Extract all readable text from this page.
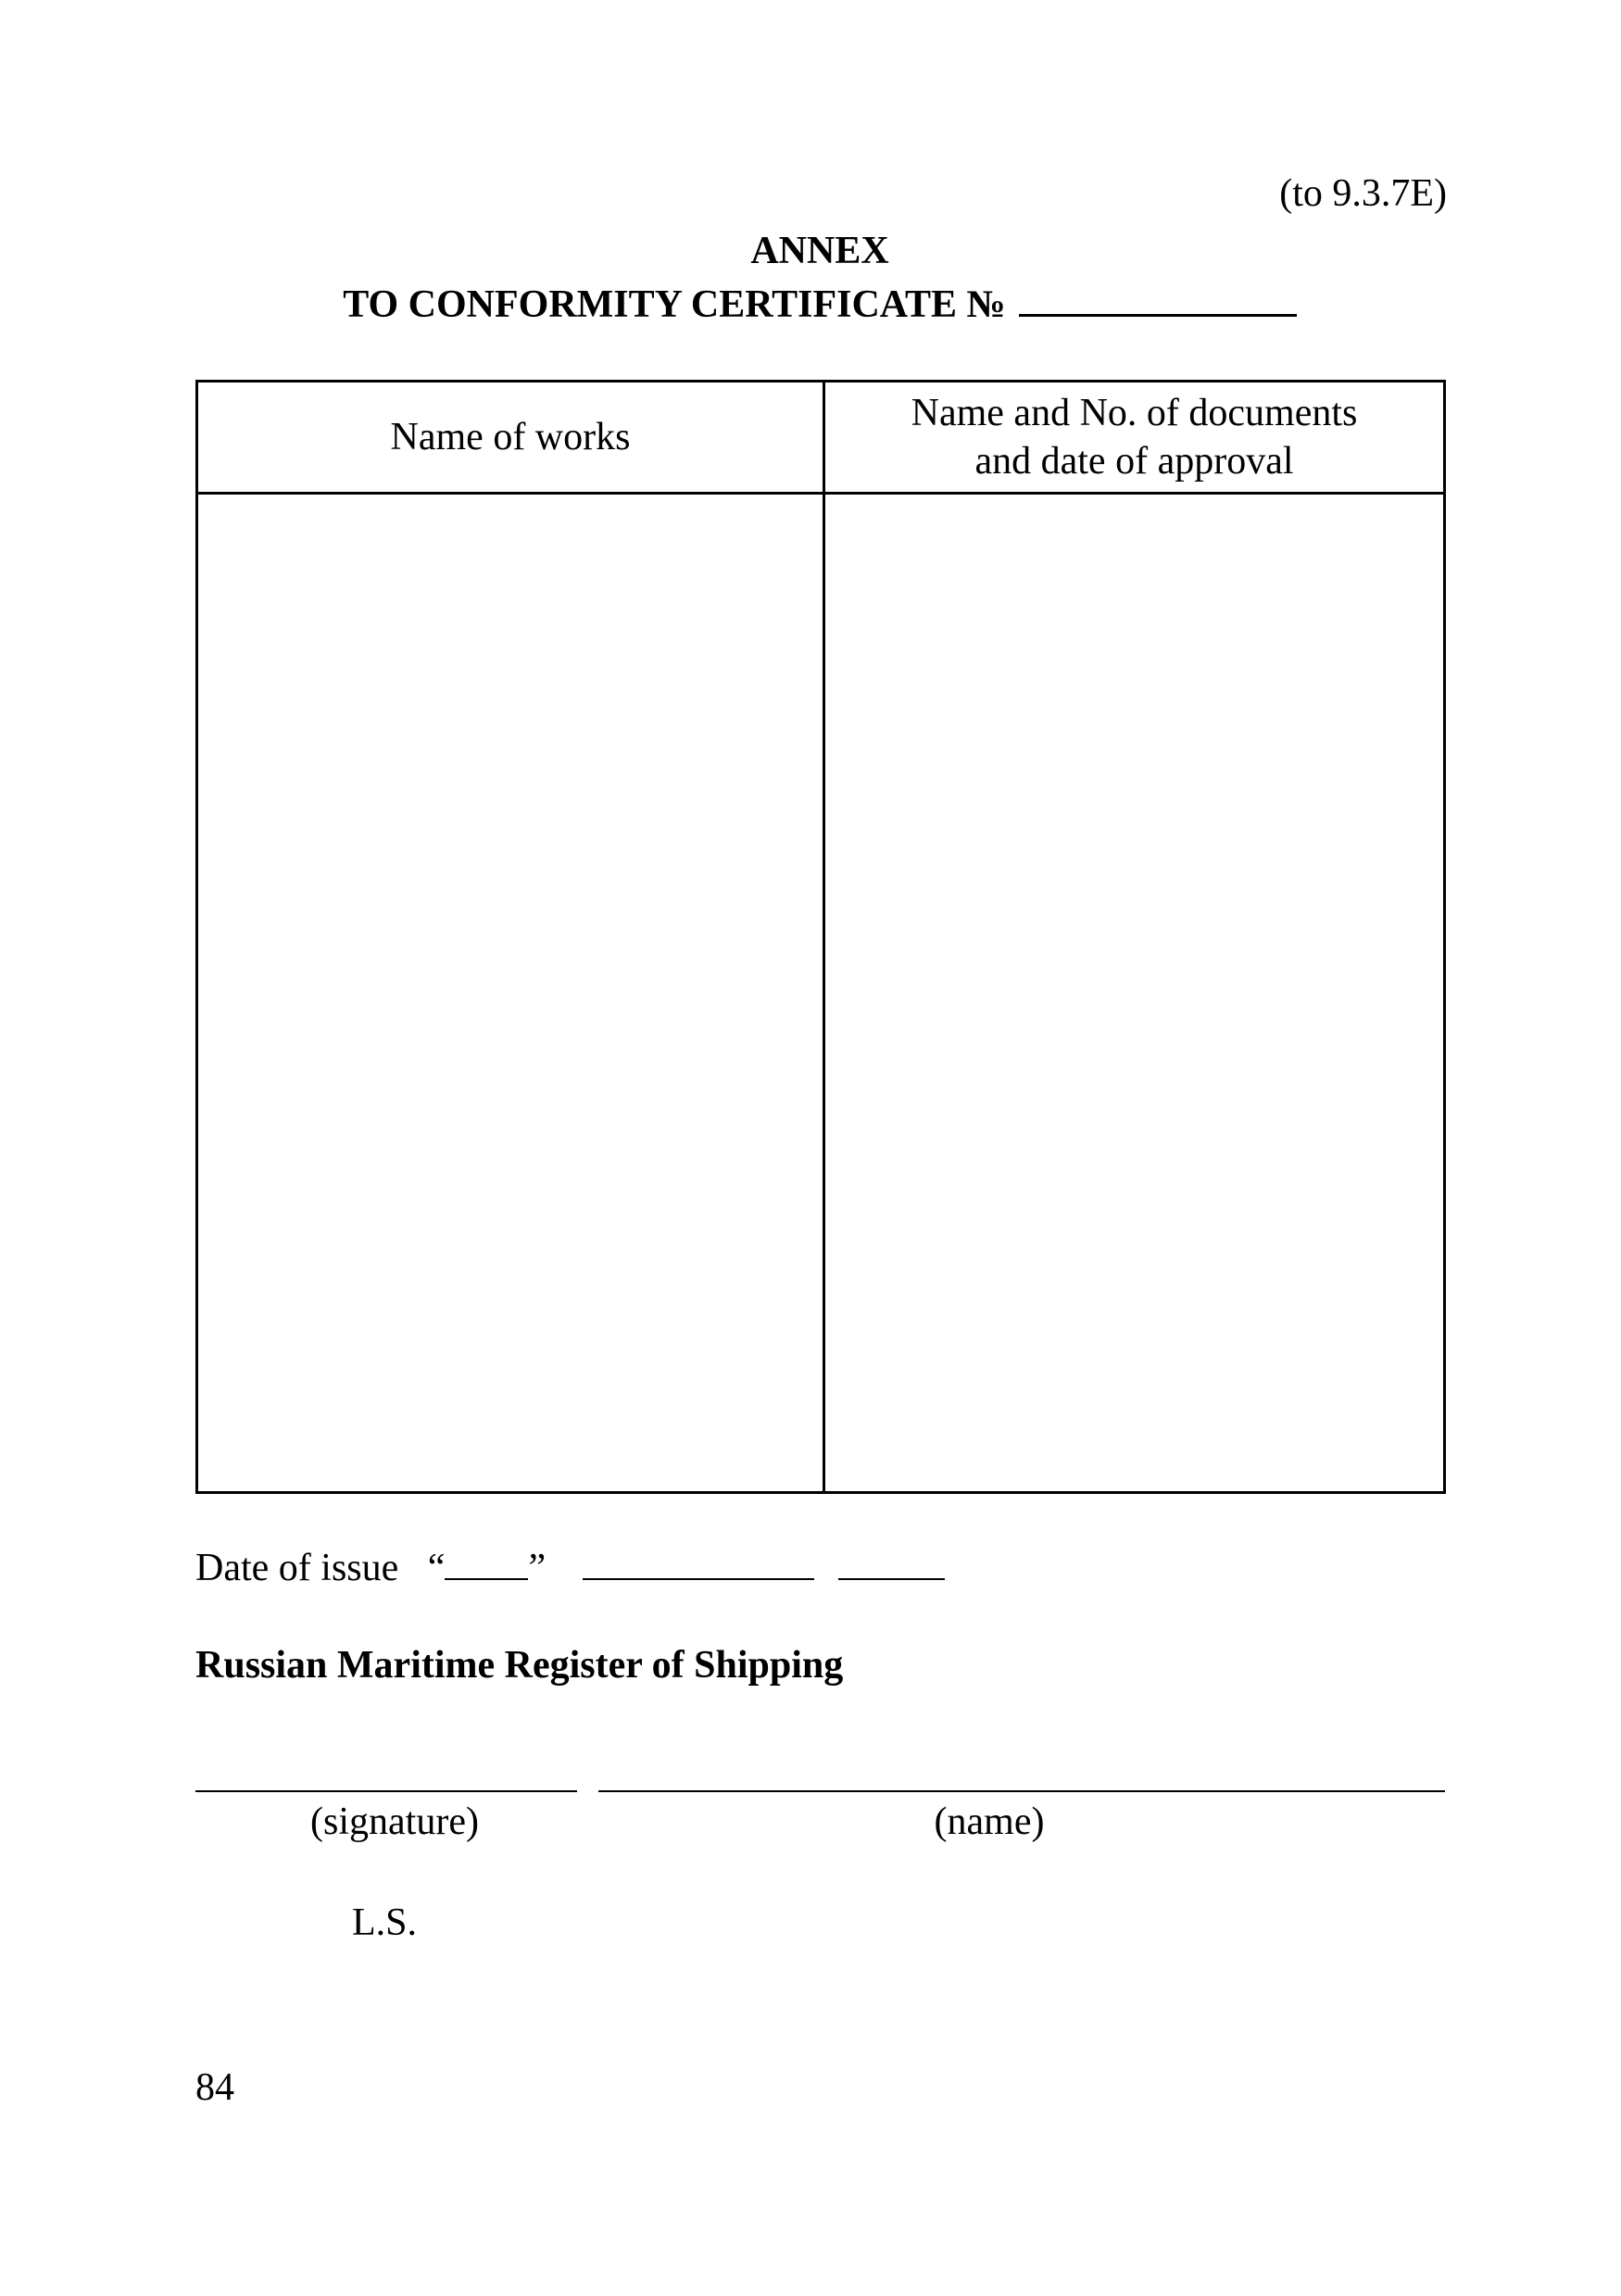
(to 9.3.7E)
ANNEX
TO CONFORMITY CERTIFICATE №
Name of works
Name and No. of documents
and date of approval
Date of issue   “ ”
Russian Maritime Register of Shipping
(signature)	(name)
L.S.
84
